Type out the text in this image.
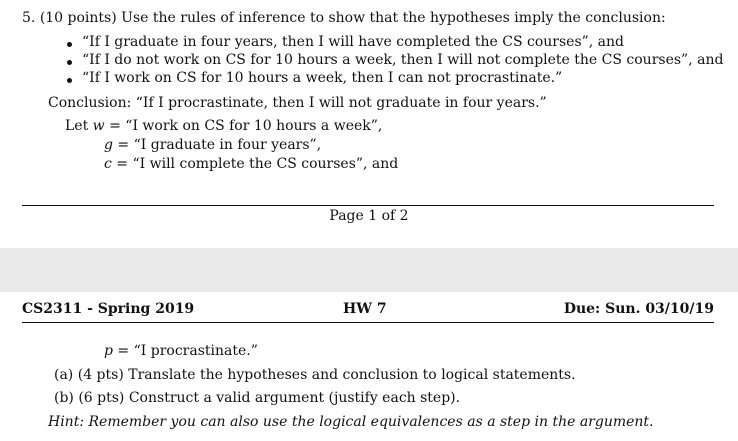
5. (10 points) Use the rules of inference to show that the hypotheses imply the conclusion:
“If I graduate in four years, then I will have completed the CS courses”, and
“If I do not work on CS for 10 hours a week, then I will not complete the CS courses”, and
“If I work on CS for 10 hours a week, then I can not procrastinate.”
Conclusion: “If I procrastinate, then I will not graduate in four years.”
Let w = “I work on CS for 10 hours a week”,
g = “I graduate in four years”,
c = “I will complete the CS courses”, and
Page 1 of 2
CS2311 - Spring 2019	HW 7	Due: Sun. 03/10/19
p = “I procrastinate.”
(a) (4 pts) Translate the hypotheses and conclusion to logical statements.
(b) (6 pts) Construct a valid argument (justify each step).
Hint: Remember you can also use the logical equivalences as a step in the argument.
